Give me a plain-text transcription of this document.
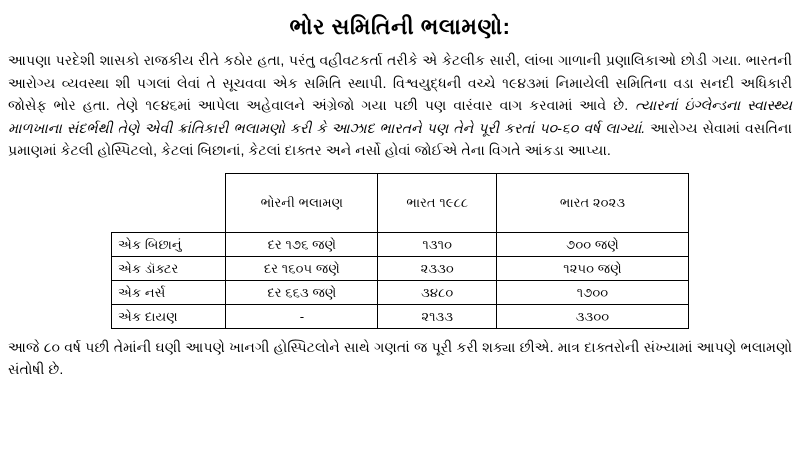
ભોર સમિતિની ભલામણો:

આપણા પરદેશી શાસકો રાજકીય રીતે કઠોર હતા, પરંતુ વહીવટકર્તા તરીકે એ કેટલીક સારી, લાંબા ગાળાની પ્રણાલિકાઓ છોડી ગયા. ભારતની આરોગ્ય વ્યવસ્થા શી પગલાં લેવાં તે સૂચવવા એક સમિતિ સ્થાપી. વિશ્વયુદ્ધની વચ્ચે ૧૯૪૩માં નિમાયેલી સમિતિના વડા સનદી અધિકારી જોસેફ ભોર હતા. તેણે ૧૯૪૬માં આપેલા અહેવાલને અંગ્રેજો ગયા પછી પણ વારંવાર વાગ કરવામાં આવે છે. ત્યારનાં ઇંગ્લેન્ડના સ્વાસ્થ્ય માળખાના સંદર્ભથી તેણે એવી ક્રાંતિકારી ભલામણો કરી કે આઝાદ ભારતને પણ તેને પૂરી કરતાં ૫૦-૬૦ વર્ષ લાગ્યાં. આરોગ્ય સેવામાં વસતિના પ્રમાણમાં કેટલી હોસ્પિટલો, કેટલાં બિછાનાં, કેટલાં દાક્તર અને નર્સો હોવાં જોઈએ તેના વિગતે આંકડા આપ્યા.

	ભોરની ભલામણ	ભારત ૧૯૮૮	ભારત ૨૦૨૩
એક બિછાનું	દર ૧૭૬ જણે	૧૩૧૦	૭૦૦ જણે
એક ડૉક્ટર	દર ૧૬૦૫ જણે	૨૩૩૦	૧૨૫૦ જણે
એક નર્સ	દર ૬૬૩ જણે	૩૪૮૦	૧૭૦૦
એક દાયણ	-	૨૧૩૩	૩૩૦૦

આજે ૮૦ વર્ષ પછી તેમાંની ઘણી આપણે ખાનગી હોસ્પિટલોને સાથે ગણતાં જ પૂરી કરી શક્યા છીએ. માત્ર દાક્તરોની સંખ્યામાં આપણે ભલામણો સંતોષી છે.
